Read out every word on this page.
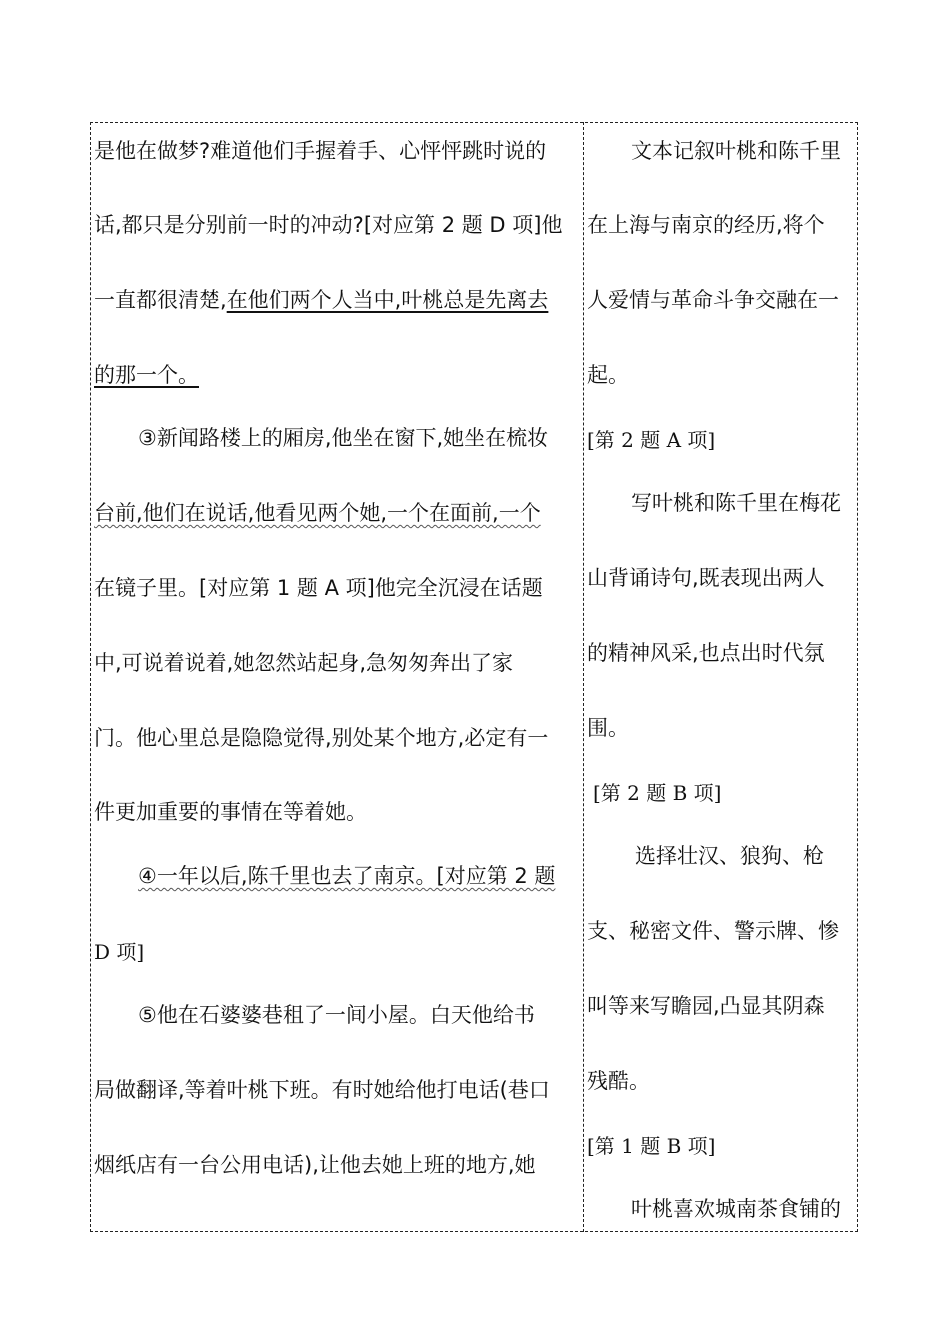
是他在做梦?难道他们手握着手、心怦怦跳时说的
话,都只是分别前一时的冲动?[对应第 2 题 D 项]他
一直都很清楚,在他们两个人当中,叶桃总是先离去
的那一个。
③新闻路楼上的厢房,他坐在窗下,她坐在梳妆
台前,他们在说话,他看见两个她,一个在面前,一个
在镜子里。[对应第 1 题 A 项]他完全沉浸在话题
中,可说着说着,她忽然站起身,急匆匆奔出了家
门。他心里总是隐隐觉得,别处某个地方,必定有一
件更加重要的事情在等着她。
④一年以后,陈千里也去了南京。[对应第 2 题
D 项]
⑤他在石婆婆巷租了一间小屋。白天他给书
局做翻译,等着叶桃下班。有时她给他打电话(巷口
烟纸店有一台公用电话),让他去她上班的地方,她
文本记叙叶桃和陈千里
在上海与南京的经历,将个
人爱情与革命斗争交融在一
起。
[第 2 题 A 项]
写叶桃和陈千里在梅花
山背诵诗句,既表现出两人
的精神风采,也点出时代氛
围。
[第 2 题 B 项]
选择壮汉、狼狗、枪
支、秘密文件、警示牌、惨
叫等来写瞻园,凸显其阴森
残酷。
[第 1 题 B 项]
叶桃喜欢城南茶食铺的
